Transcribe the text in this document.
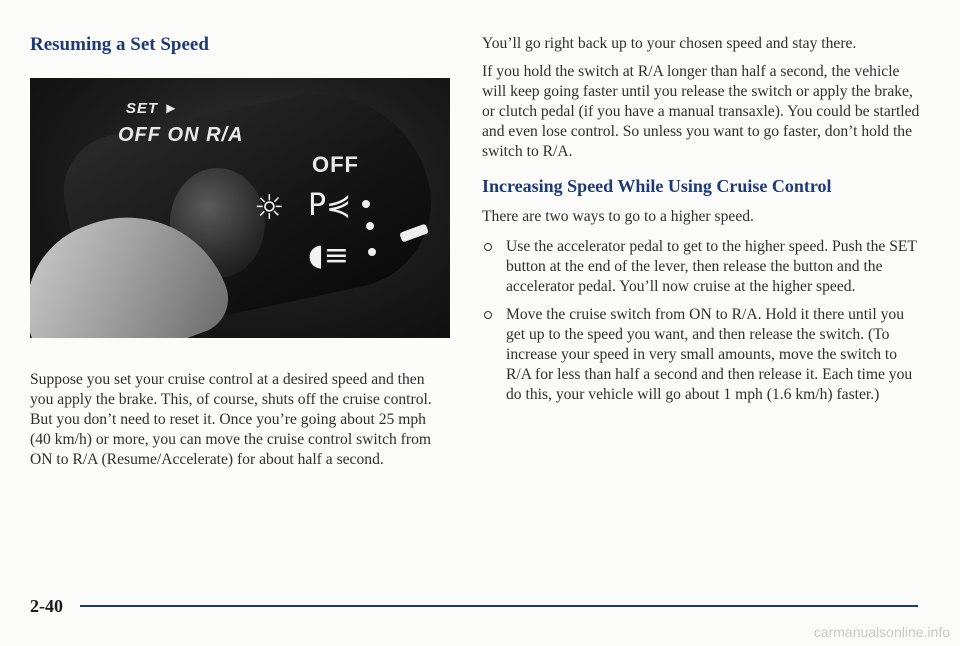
Resuming a Set Speed
SET ►
OFF ON R/A
OFF
☼ P⋞
◖≡

Suppose you set your cruise control at a desired speed and then you apply the brake. This, of course, shuts off the cruise control. But you don’t need to reset it. Once you’re going about 25 mph (40 km/h) or more, you can move the cruise control switch from ON to R/A (Resume/Accelerate) for about half a second.

You’ll go right back up to your chosen speed and stay there.

If you hold the switch at R/A longer than half a second, the vehicle will keep going faster until you release the switch or apply the brake, or clutch pedal (if you have a manual transaxle). You could be startled and even lose control. So unless you want to go faster, don’t hold the switch to R/A.

Increasing Speed While Using Cruise Control

There are two ways to go to a higher speed.

Use the accelerator pedal to get to the higher speed. Push the SET button at the end of the lever, then release the button and the accelerator pedal. You’ll now cruise at the higher speed.
Move the cruise switch from ON to R/A. Hold it there until you get up to the speed you want, and then release the switch. (To increase your speed in very small amounts, move the switch to R/A for less than half a second and then release it. Each time you do this, your vehicle will go about 1 mph (1.6 km/h) faster.)
2-40
carmanualsonline.info
